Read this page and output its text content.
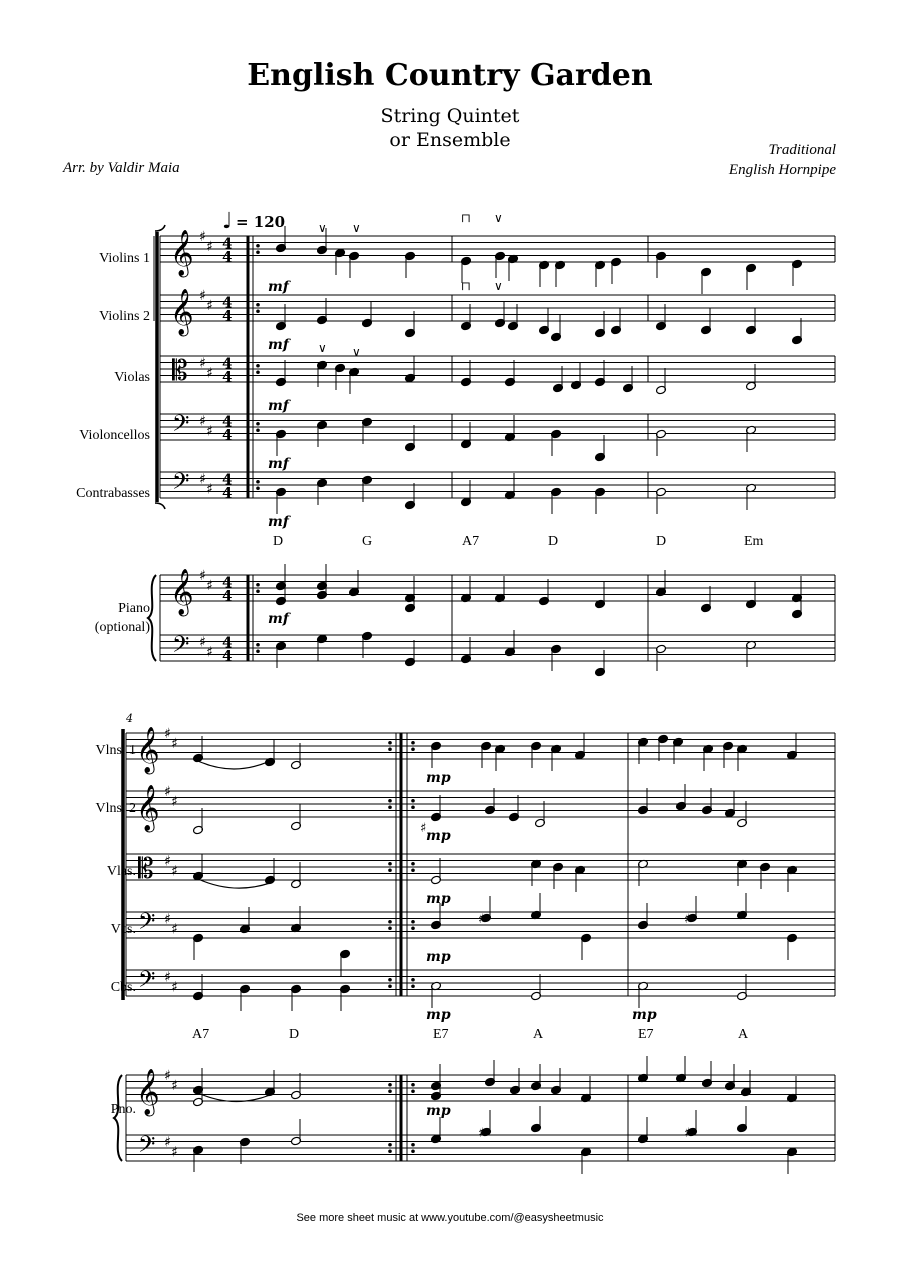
English Country Garden
String Quintet
or Ensemble	Traditional
English Hornpipe
Arr. by Valdir Maia
♩ = 120
Violins 1
Violins 2
Violas
Violoncellos
Contrabasses
Piano
(optional)
mf
mf
mf
mf
mf
mf
D	G	A7	D	D	Em
Vlns. 1
Vlns. 2
Vlas.
Vcs.
Cbs.
Pno.
4
mp
mp
mp
mp
mp	mp
mp
A7	D	E7	A	E7	A
𝄞 ♯
♯ 4
4
𝄞 ♯
♯ 4
4
𝄡 ♯
♯
4
4
𝄢 ♯
♯
4
4
𝄢 ♯
♯
4
4
𝄞 ♯
♯ 4
4
𝄢 ♯
♯
4
4
∨ ∨
⊓ ∨
⊓ ∨
∨ ∨
𝄞 ♯
♯
𝄞 ♯
♯
𝄡 ♯
♯
𝄢 ♯
♯
𝄢 ♯
♯
𝄞 ♯
♯
𝄢 ♯
♯
♯
♯	♯
♯	♯
See more sheet music at www.youtube.com/@easysheetmusic
